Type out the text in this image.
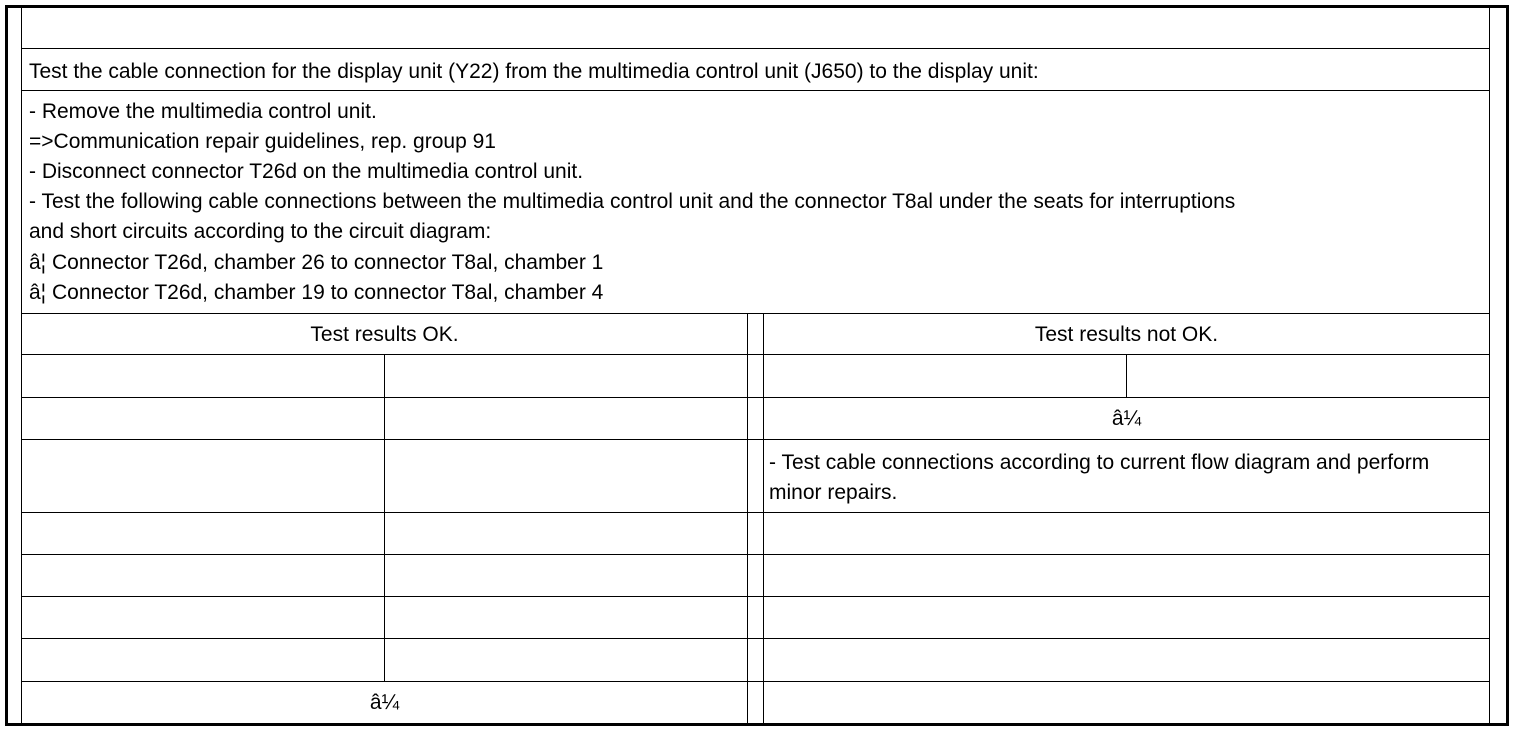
Test the cable connection for the display unit (Y22) from the multimedia control unit (J650) to the display unit:
- Remove the multimedia control unit.
=>Communication repair guidelines, rep. group 91
- Disconnect connector T26d on the multimedia control unit.
- Test the following cable connections between the multimedia control unit and the connector T8al under the seats for interruptions
and short circuits according to the circuit diagram:
â¦ Connector T26d, chamber 26 to connector T8al, chamber 1
â¦ Connector T26d, chamber 19 to connector T8al, chamber 4
Test results OK.	Test results not OK.
â¼
â¼
- Test cable connections according to current flow diagram and perform minor repairs.
